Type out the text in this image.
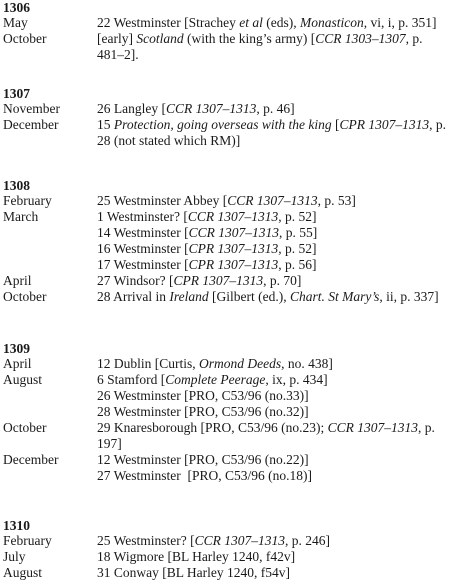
1306
May	22 Westminster [Strachey et al (eds), Monasticon, vi, i, p. 351]
October	[early] Scotland (with the king’s army) [CCR 1303–1307, p. 481–2].
1307
November	26 Langley [CCR 1307–1313, p. 46]
December	15 Protection, going overseas with the king [CPR 1307–1313, p. 28 (not stated which RM)]
1308
February	25 Westminster Abbey [CCR 1307–1313, p. 53]
March	1 Westminster? [CCR 1307–1313, p. 52]
14 Westminster [CCR 1307–1313, p. 55]
16 Westminster [CPR 1307–1313, p. 52]
17 Westminster [CPR 1307–1313, p. 56]
April	27 Windsor? [CPR 1307–1313, p. 70]
October	28 Arrival in Ireland [Gilbert (ed.), Chart. St Mary’s, ii, p. 337]
1309
April	12 Dublin [Curtis, Ormond Deeds, no. 438]
August	6 Stamford [Complete Peerage, ix, p. 434]
26 Westminster [PRO, C53/96 (no.33)]
28 Westminster [PRO, C53/96 (no.32)]
October	29 Knaresborough [PRO, C53/96 (no.23); CCR 1307–1313, p. 197]
December	12 Westminster [PRO, C53/96 (no.22)]
27 Westminster  [PRO, C53/96 (no.18)]
1310
February	25 Westminster? [CCR 1307–1313, p. 246]
July	18 Wigmore [BL Harley 1240, f42v]
August	31 Conway [BL Harley 1240, f54v]
